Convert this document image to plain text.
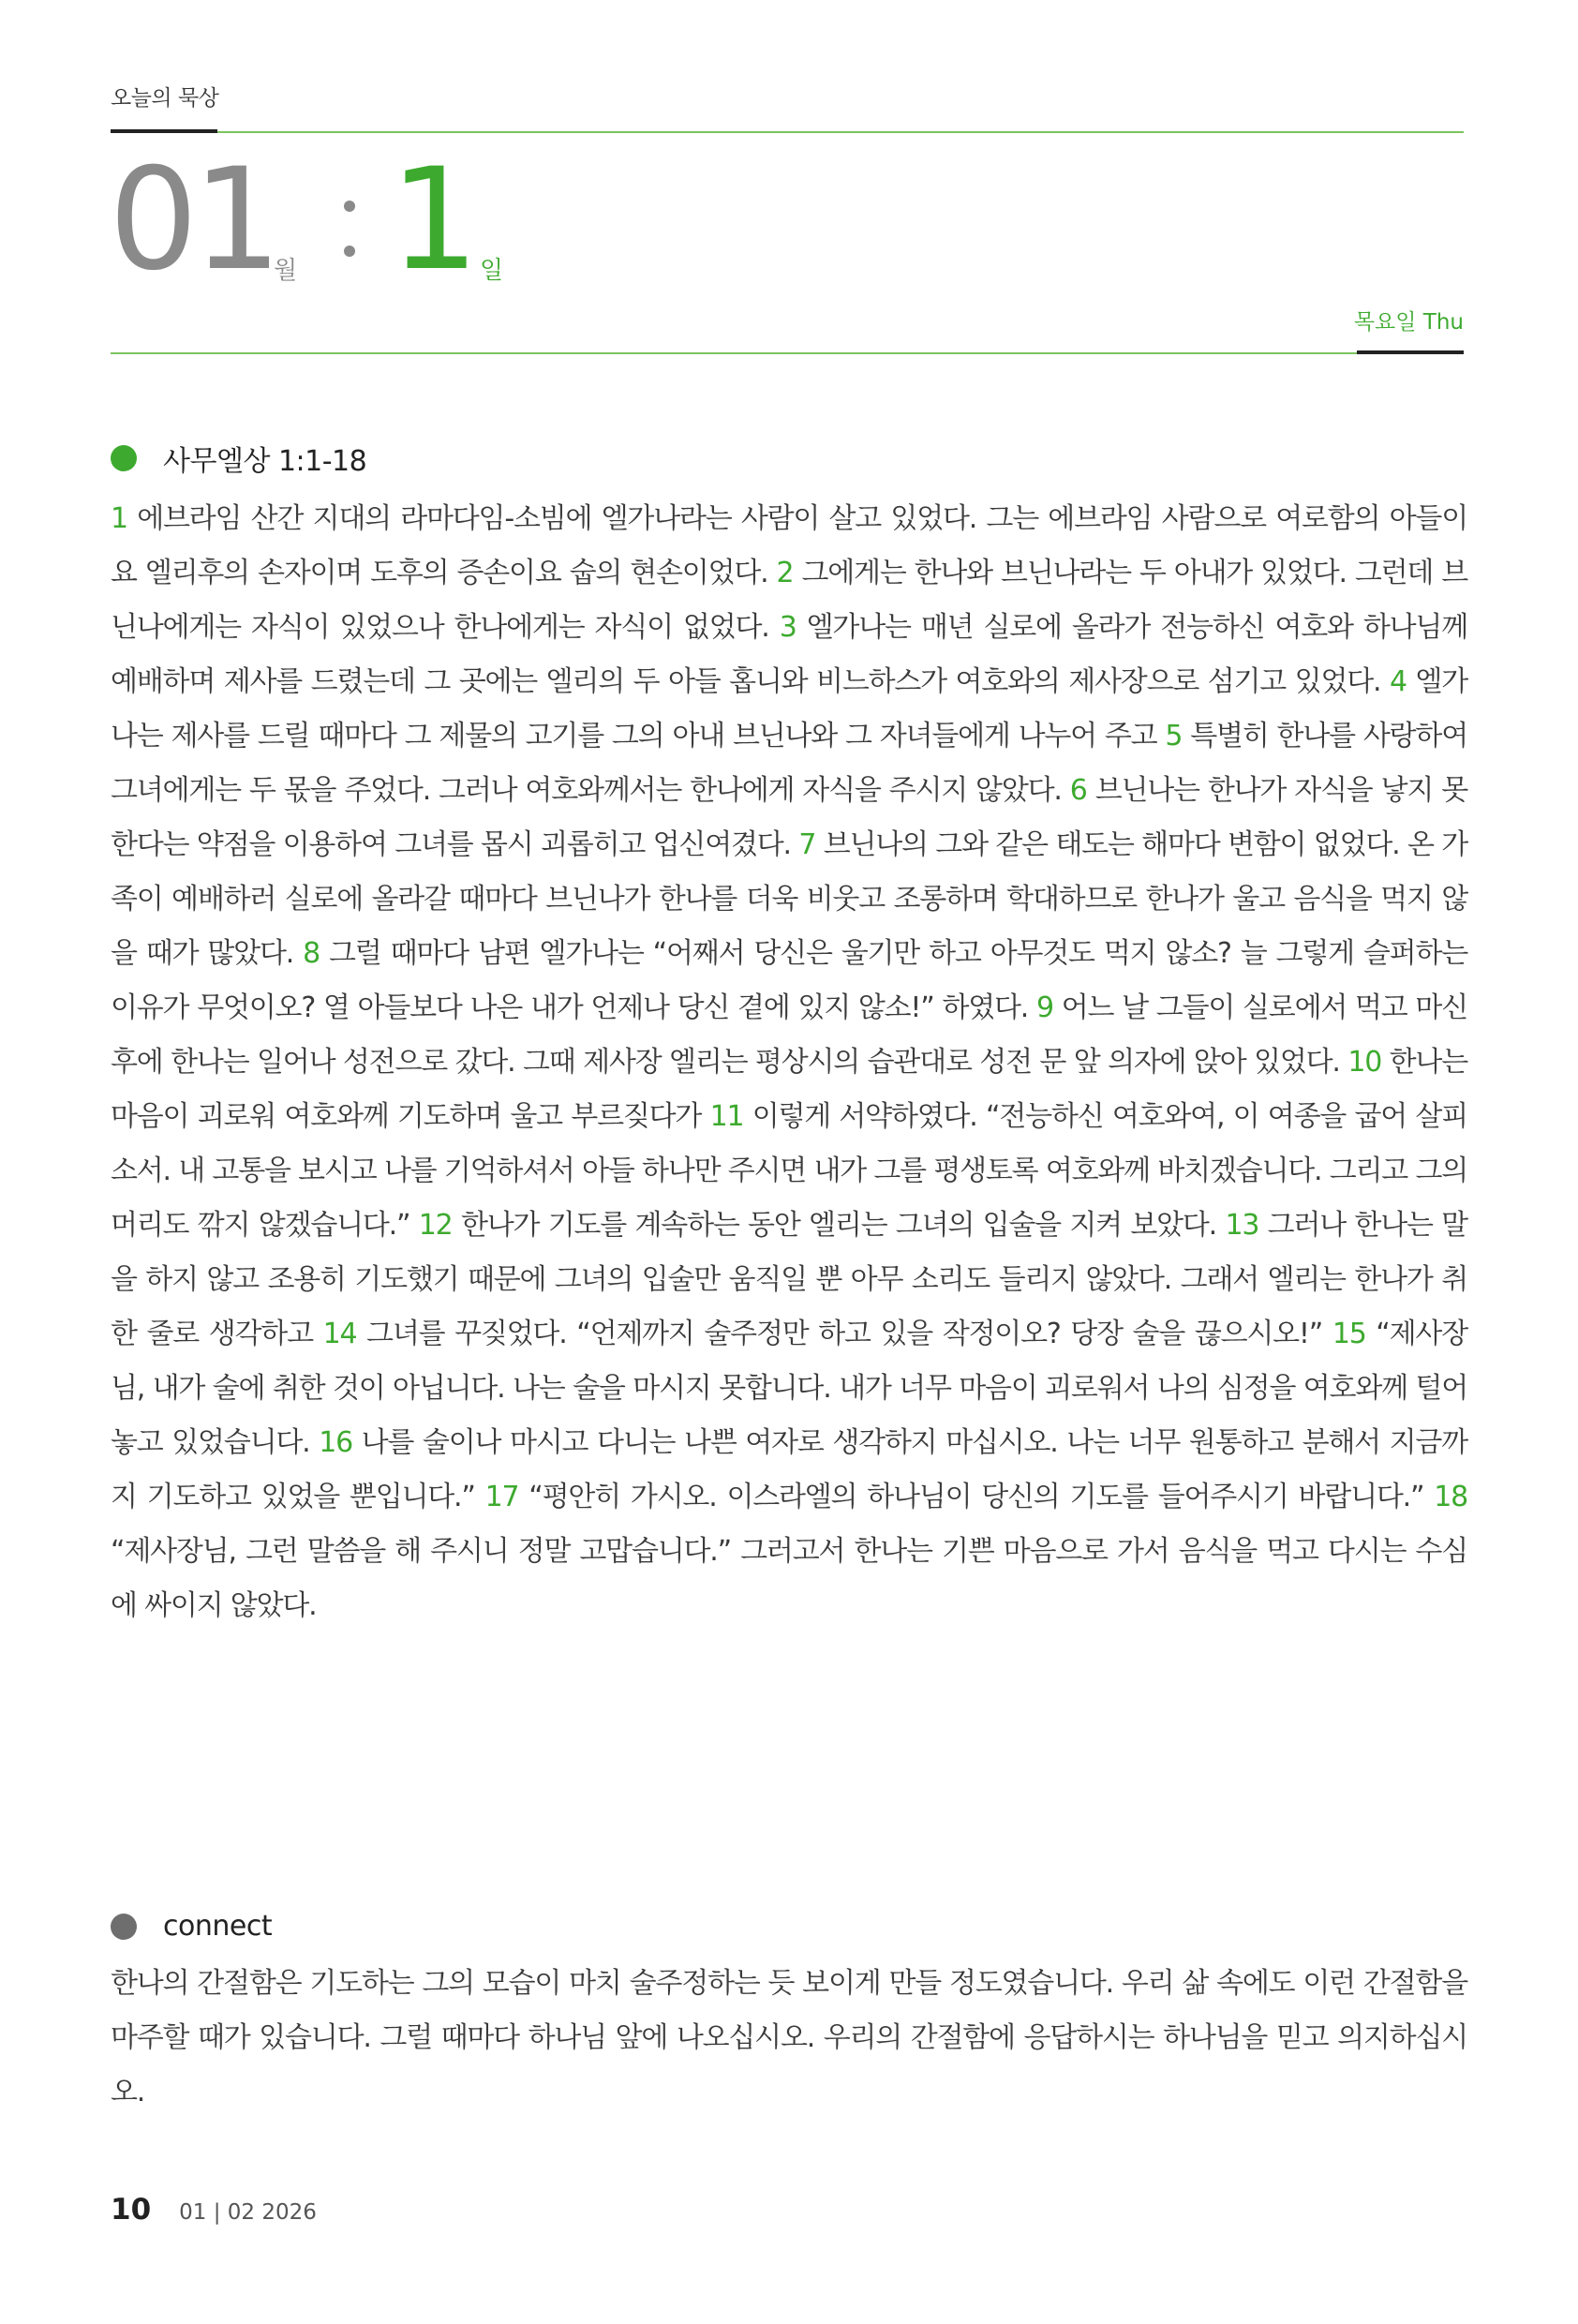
오늘의 묵상
01
월 1 일
목요일 Thu
사무엘상 1:1-18

1 에브라임 산간 지대의 라마다임-소빔에 엘가나라는 사람이 살고 있었다. 그는 에브라임 사람으로 여로함의 아들이요 엘리후의 손자이며 도후의 증손이요 숩의 현손이었다. 2 그에게는 한나와 브닌나라는 두 아내가 있었다. 그런데 브닌나에게는 자식이 있었으나 한나에게는 자식이 없었다. 3 엘가나는 매년 실로에 올라가 전능하신 여호와 하나님께 예배하며 제사를 드렸는데 그 곳에는 엘리의 두 아들 홉니와 비느하스가 여호와의 제사장으로 섬기고 있었다. 4 엘가나는 제사를 드릴 때마다 그 제물의 고기를 그의 아내 브닌나와 그 자녀들에게 나누어 주고 5 특별히 한나를 사랑하여 그녀에게는 두 몫을 주었다. 그러나 여호와께서는 한나에게 자식을 주시지 않았다. 6 브닌나는 한나가 자식을 낳지 못한다는 약점을 이용하여 그녀를 몹시 괴롭히고 업신여겼다. 7 브닌나의 그와 같은 태도는 해마다 변함이 없었다. 온 가족이 예배하러 실로에 올라갈 때마다 브닌나가 한나를 더욱 비웃고 조롱하며 학대하므로 한나가 울고 음식을 먹지 않을 때가 많았다. 8 그럴 때마다 남편 엘가나는 “어째서 당신은 울기만 하고 아무것도 먹지 않소? 늘 그렇게 슬퍼하는 이유가 무엇이오? 열 아들보다 나은 내가 언제나 당신 곁에 있지 않소!” 하였다. 9 어느 날 그들이 실로에서 먹고 마신 후에 한나는 일어나 성전으로 갔다. 그때 제사장 엘리는 평상시의 습관대로 성전 문 앞 의자에 앉아 있었다. 10 한나는 마음이 괴로워 여호와께 기도하며 울고 부르짖다가 11 이렇게 서약하였다. “전능하신 여호와여, 이 여종을 굽어 살피소서. 내 고통을 보시고 나를 기억하셔서 아들 하나만 주시면 내가 그를 평생토록 여호와께 바치겠습니다. 그리고 그의 머리도 깎지 않겠습니다.” 12 한나가 기도를 계속하는 동안 엘리는 그녀의 입술을 지켜 보았다. 13 그러나 한나는 말을 하지 않고 조용히 기도했기 때문에 그녀의 입술만 움직일 뿐 아무 소리도 들리지 않았다. 그래서 엘리는 한나가 취한 줄로 생각하고 14 그녀를 꾸짖었다. “언제까지 술주정만 하고 있을 작정이오? 당장 술을 끊으시오!” 15 “제사장님, 내가 술에 취한 것이 아닙니다. 나는 술을 마시지 못합니다. 내가 너무 마음이 괴로워서 나의 심정을 여호와께 털어놓고 있었습니다. 16 나를 술이나 마시고 다니는 나쁜 여자로 생각하지 마십시오. 나는 너무 원통하고 분해서 지금까지 기도하고 있었을 뿐입니다.” 17 “평안히 가시오. 이스라엘의 하나님이 당신의 기도를 들어주시기 바랍니다.” 18 “제사장님, 그런 말씀을 해 주시니 정말 고맙습니다.” 그러고서 한나는 기쁜 마음으로 가서 음식을 먹고 다시는 수심에 싸이지 않았다.

connect

한나의 간절함은 기도하는 그의 모습이 마치 술주정하는 듯 보이게 만들 정도였습니다. 우리 삶 속에도 이런 간절함을 마주할 때가 있습니다. 그럴 때마다 하나님 앞에 나오십시오. 우리의 간절함에 응답하시는 하나님을 믿고 의지하십시오.

10 01 | 02 2026
